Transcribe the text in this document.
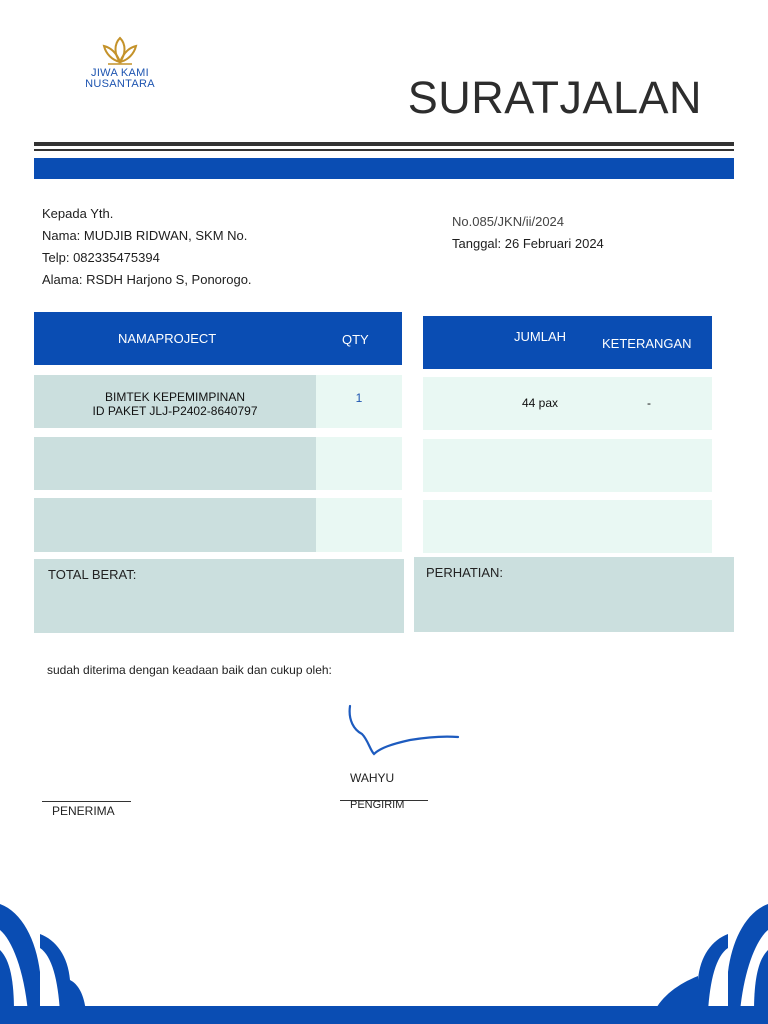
JIWA KAMI
NUSANTARA	SURATJALAN
Kepada Yth.
Nama: MUDJIB RIDWAN, SKM No.
Telp: 082335475394
Alama: RSDH Harjono S, Ponorogo.
No.085/JKN/ii/2024
Tanggal: 26 Februari 2024
NAMAPROJECT	QTY	JUMLAH	KETERANGAN
BIMTEK KEPEMIMPINAN
ID PAKET JLJ-P2402-8640797
1	44 pax	-
TOTAL BERAT:	PERHATIAN:
sudah diterima dengan keadaan baik dan cukup oleh:
WAHYU
PENGIRIM
PENERIMA
